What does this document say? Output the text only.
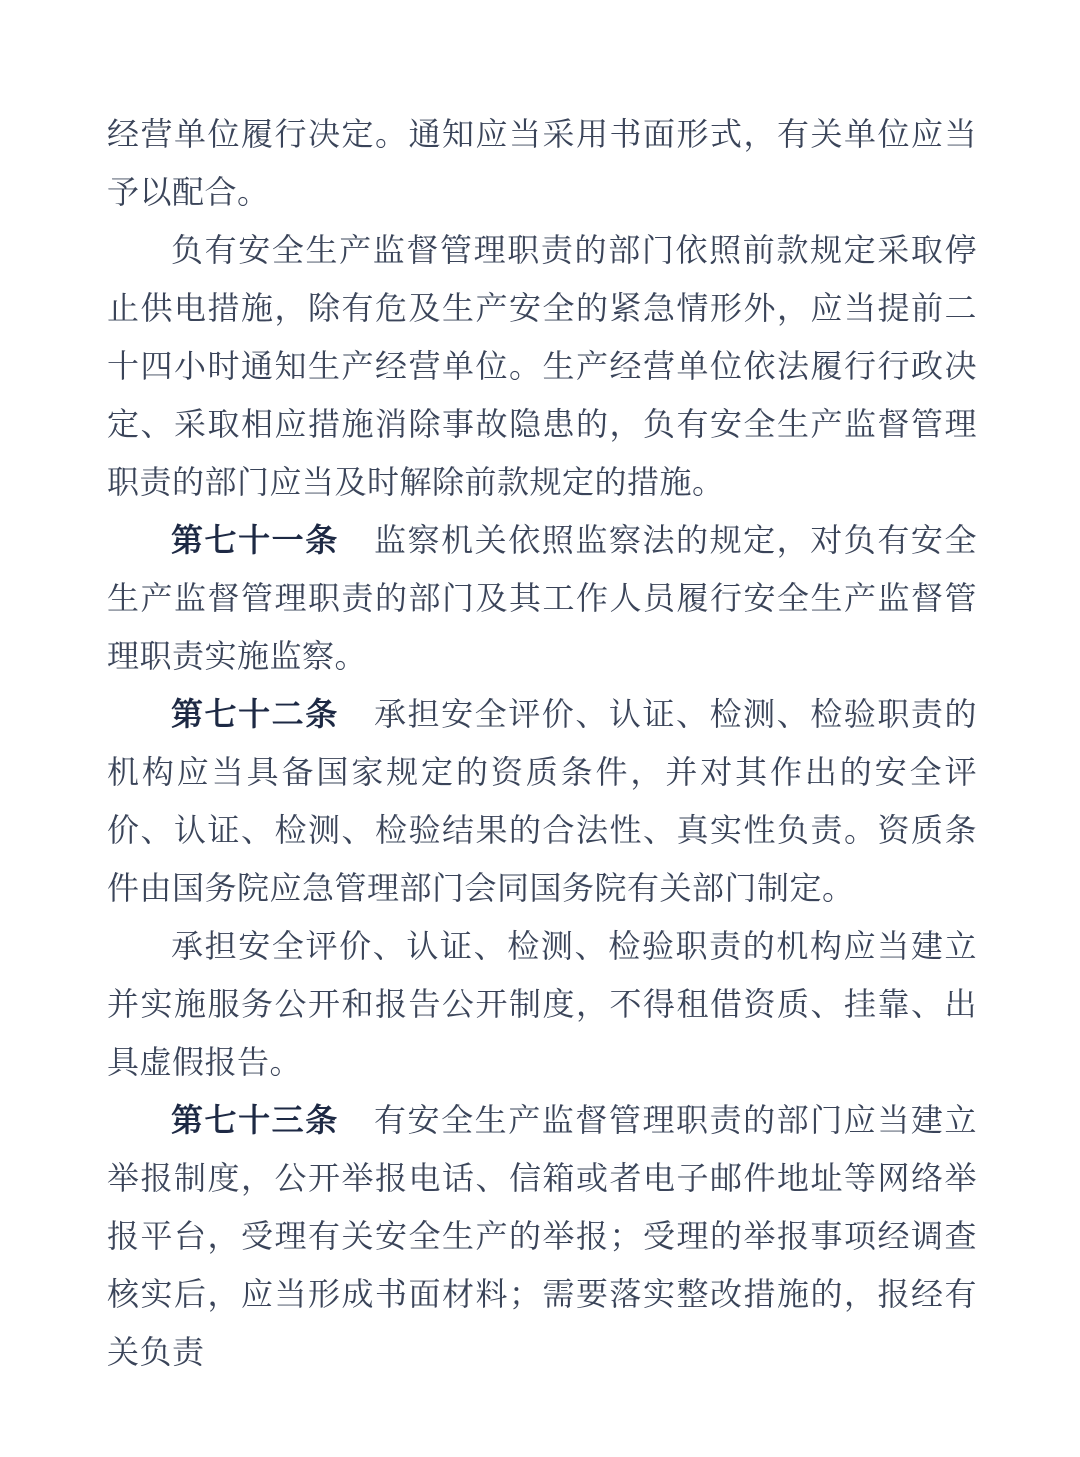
经营单位履行决定。通知应当采用书面形式，有关单位应当予以配合。

负有安全生产监督管理职责的部门依照前款规定采取停止供电措施，除有危及生产安全的紧急情形外，应当提前二十四小时通知生产经营单位。生产经营单位依法履行行政决定、采取相应措施消除事故隐患的，负有安全生产监督管理职责的部门应当及时解除前款规定的措施。

第七十一条 监察机关依照监察法的规定，对负有安全生产监督管理职责的部门及其工作人员履行安全生产监督管理职责实施监察。

第七十二条 承担安全评价、认证、检测、检验职责的机构应当具备国家规定的资质条件，并对其作出的安全评价、认证、检测、检验结果的合法性、真实性负责。资质条件由国务院应急管理部门会同国务院有关部门制定。

承担安全评价、认证、检测、检验职责的机构应当建立并实施服务公开和报告公开制度，不得租借资质、挂靠、出具虚假报告。

第七十三条 有安全生产监督管理职责的部门应当建立举报制度，公开举报电话、信箱或者电子邮件地址等网络举报平台，受理有关安全生产的举报；受理的举报事项经调查核实后，应当形成书面材料；需要落实整改措施的，报经有关负责
